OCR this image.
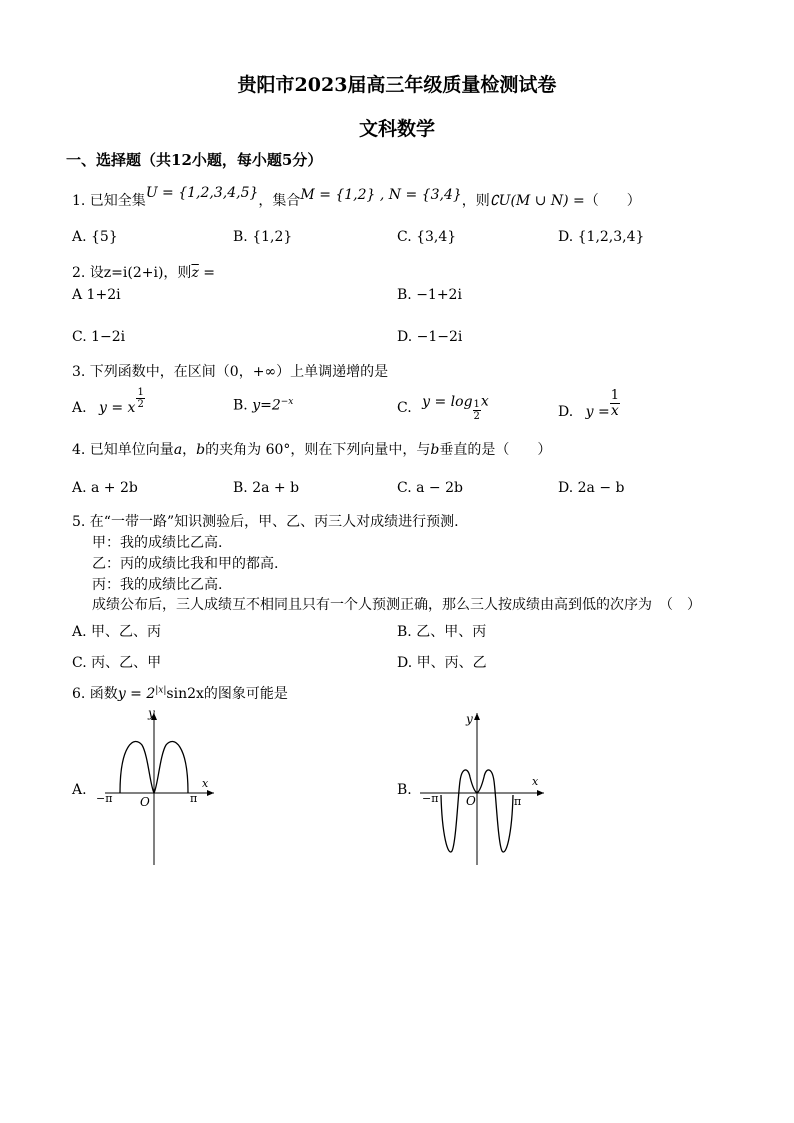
贵阳市2023届高三年级质量检测试卷
文科数学
一、选择题（共12小题，每小题5分）
1. 已知全集U = {1,2,3,4,5}，集合M = {1,2} , N = {3,4}，则∁U(M ∪ N) =（　　）
A. {5}	B. {1,2}	C. {3,4}	D. {1,2,3,4}
2. 设z=i(2+i)，则$\overline{z}$ =
A 1+2i	B. −1+2i
C. 1−2i	D. −1−2i
3. 下列函数中，在区间（0，+∞）上单调递增的是
A. y = x $\frac{1}{2}$	B. $y=2^{-x}$	C. $y = \log \frac{1}{2}$ x
D. $y = \frac{1}{x}$
4. 已知单位向量a，b的夹角为 60°，则在下列向量中，与b垂直的是（　　）
A. a + 2b	B. 2a + b	C. a − 2b	D. 2a − b
5. 在“一带一路”知识测验后，甲、乙、丙三人对成绩进行预测.
甲：我的成绩比乙高.
乙：丙的成绩比我和甲的都高.
丙：我的成绩比乙高.
成绩公布后，三人成绩互不相同且只有一个人预测正确，那么三人按成绩由高到低的次序为　（　）
A. 甲、乙、丙	B. 乙、甲、丙
C. 丙、乙、甲	D. 甲、丙、乙
6. 函数$y = 2^{|x|}\sin 2x$的图象可能是
A.	B.
y
x
O
−π	π
y
x
O
−π	π
